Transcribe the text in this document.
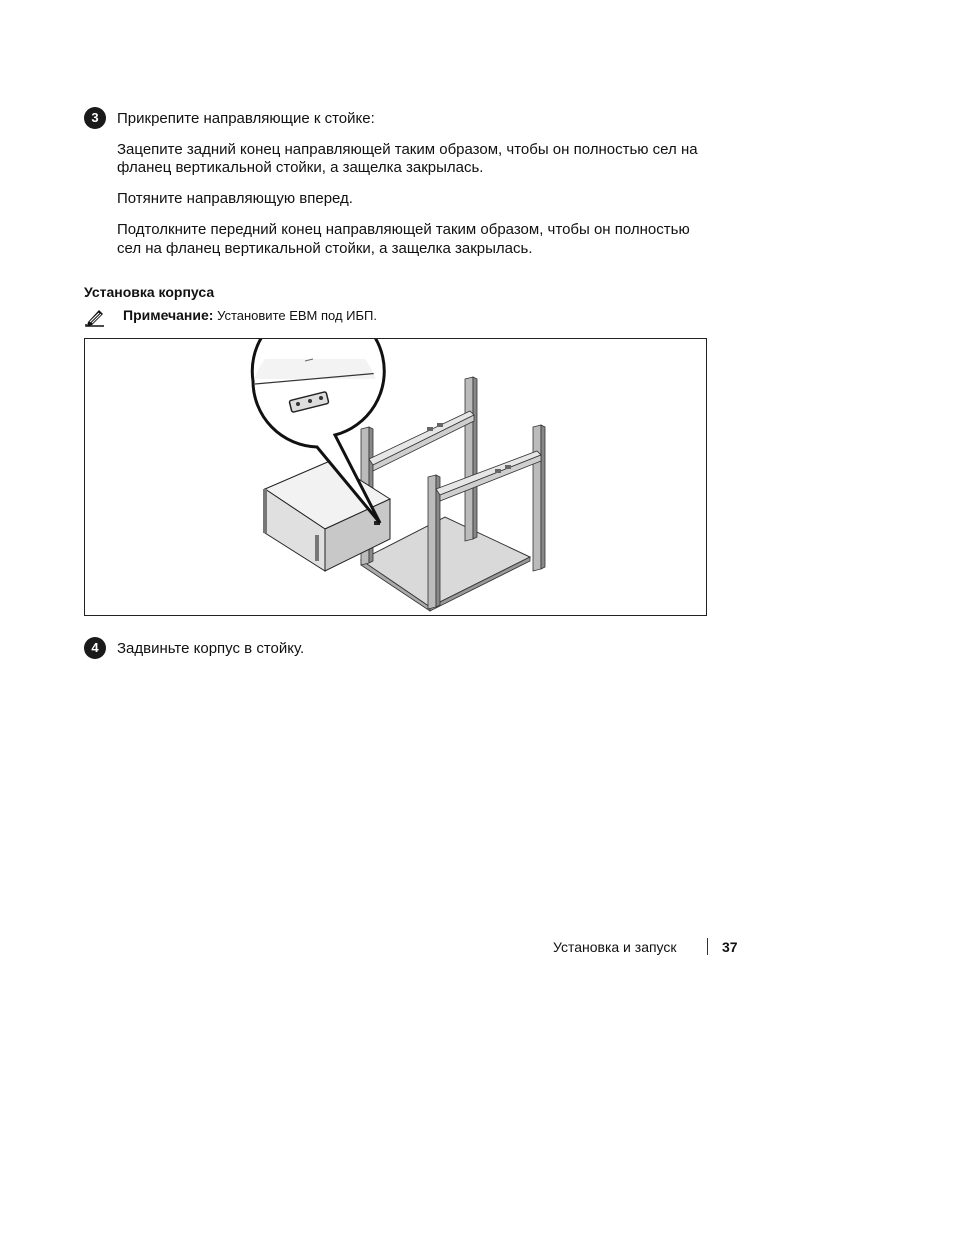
3	Прикрепите направляющие к стойке:
Зацепите задний конец направляющей таким образом, чтобы он полностью сел на
фланец вертикальной стойки, а защелка закрылась.
Потяните направляющую вперед.
Подтолкните передний конец направляющей таким образом, чтобы он полностью
сел на фланец вертикальной стойки, а защелка закрылась.
Установка корпуса
Примечание: Установите EBM под ИБП.
4	Задвиньте корпус в стойку.
Установка и запуск	37
